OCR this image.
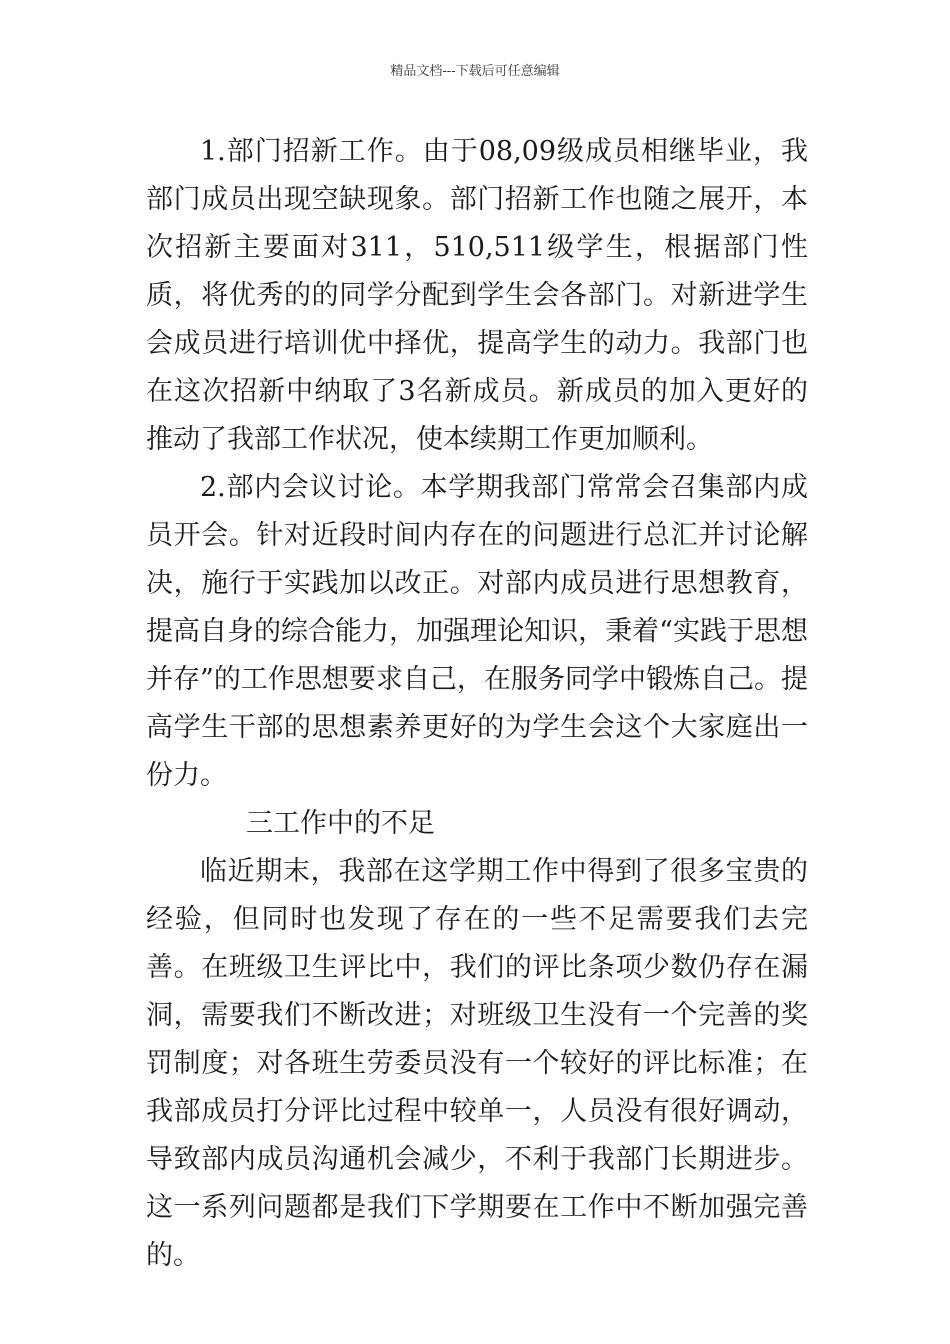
精品文档---下载后可任意编辑

1.部门招新工作。由于08,09级成员相继毕业，我部门成员出现空缺现象。部门招新工作也随之展开，本次招新主要面对311，510,511级学生，根据部门性质，将优秀的的同学分配到学生会各部门。对新进学生会成员进行培训优中择优，提高学生的动力。我部门也在这次招新中纳取了3名新成员。新成员的加入更好的推动了我部工作状况，使本续期工作更加顺利。

2.部内会议讨论。本学期我部门常常会召集部内成员开会。针对近段时间内存在的问题进行总汇并讨论解决，施行于实践加以改正。对部内成员进行思想教育，提高自身的综合能力，加强理论知识，秉着“实践于思想并存”的工作思想要求自己，在服务同学中锻炼自己。提高学生干部的思想素养更好的为学生会这个大家庭出一份力。

三工作中的不足

临近期末，我部在这学期工作中得到了很多宝贵的经验，但同时也发现了存在的一些不足需要我们去完善。在班级卫生评比中，我们的评比条项少数仍存在漏洞，需要我们不断改进；对班级卫生没有一个完善的奖罚制度；对各班生劳委员没有一个较好的评比标准；在我部成员打分评比过程中较单一，人员没有很好调动，导致部内成员沟通机会减少，不利于我部门长期进步。这一系列问题都是我们下学期要在工作中不断加强完善的。
